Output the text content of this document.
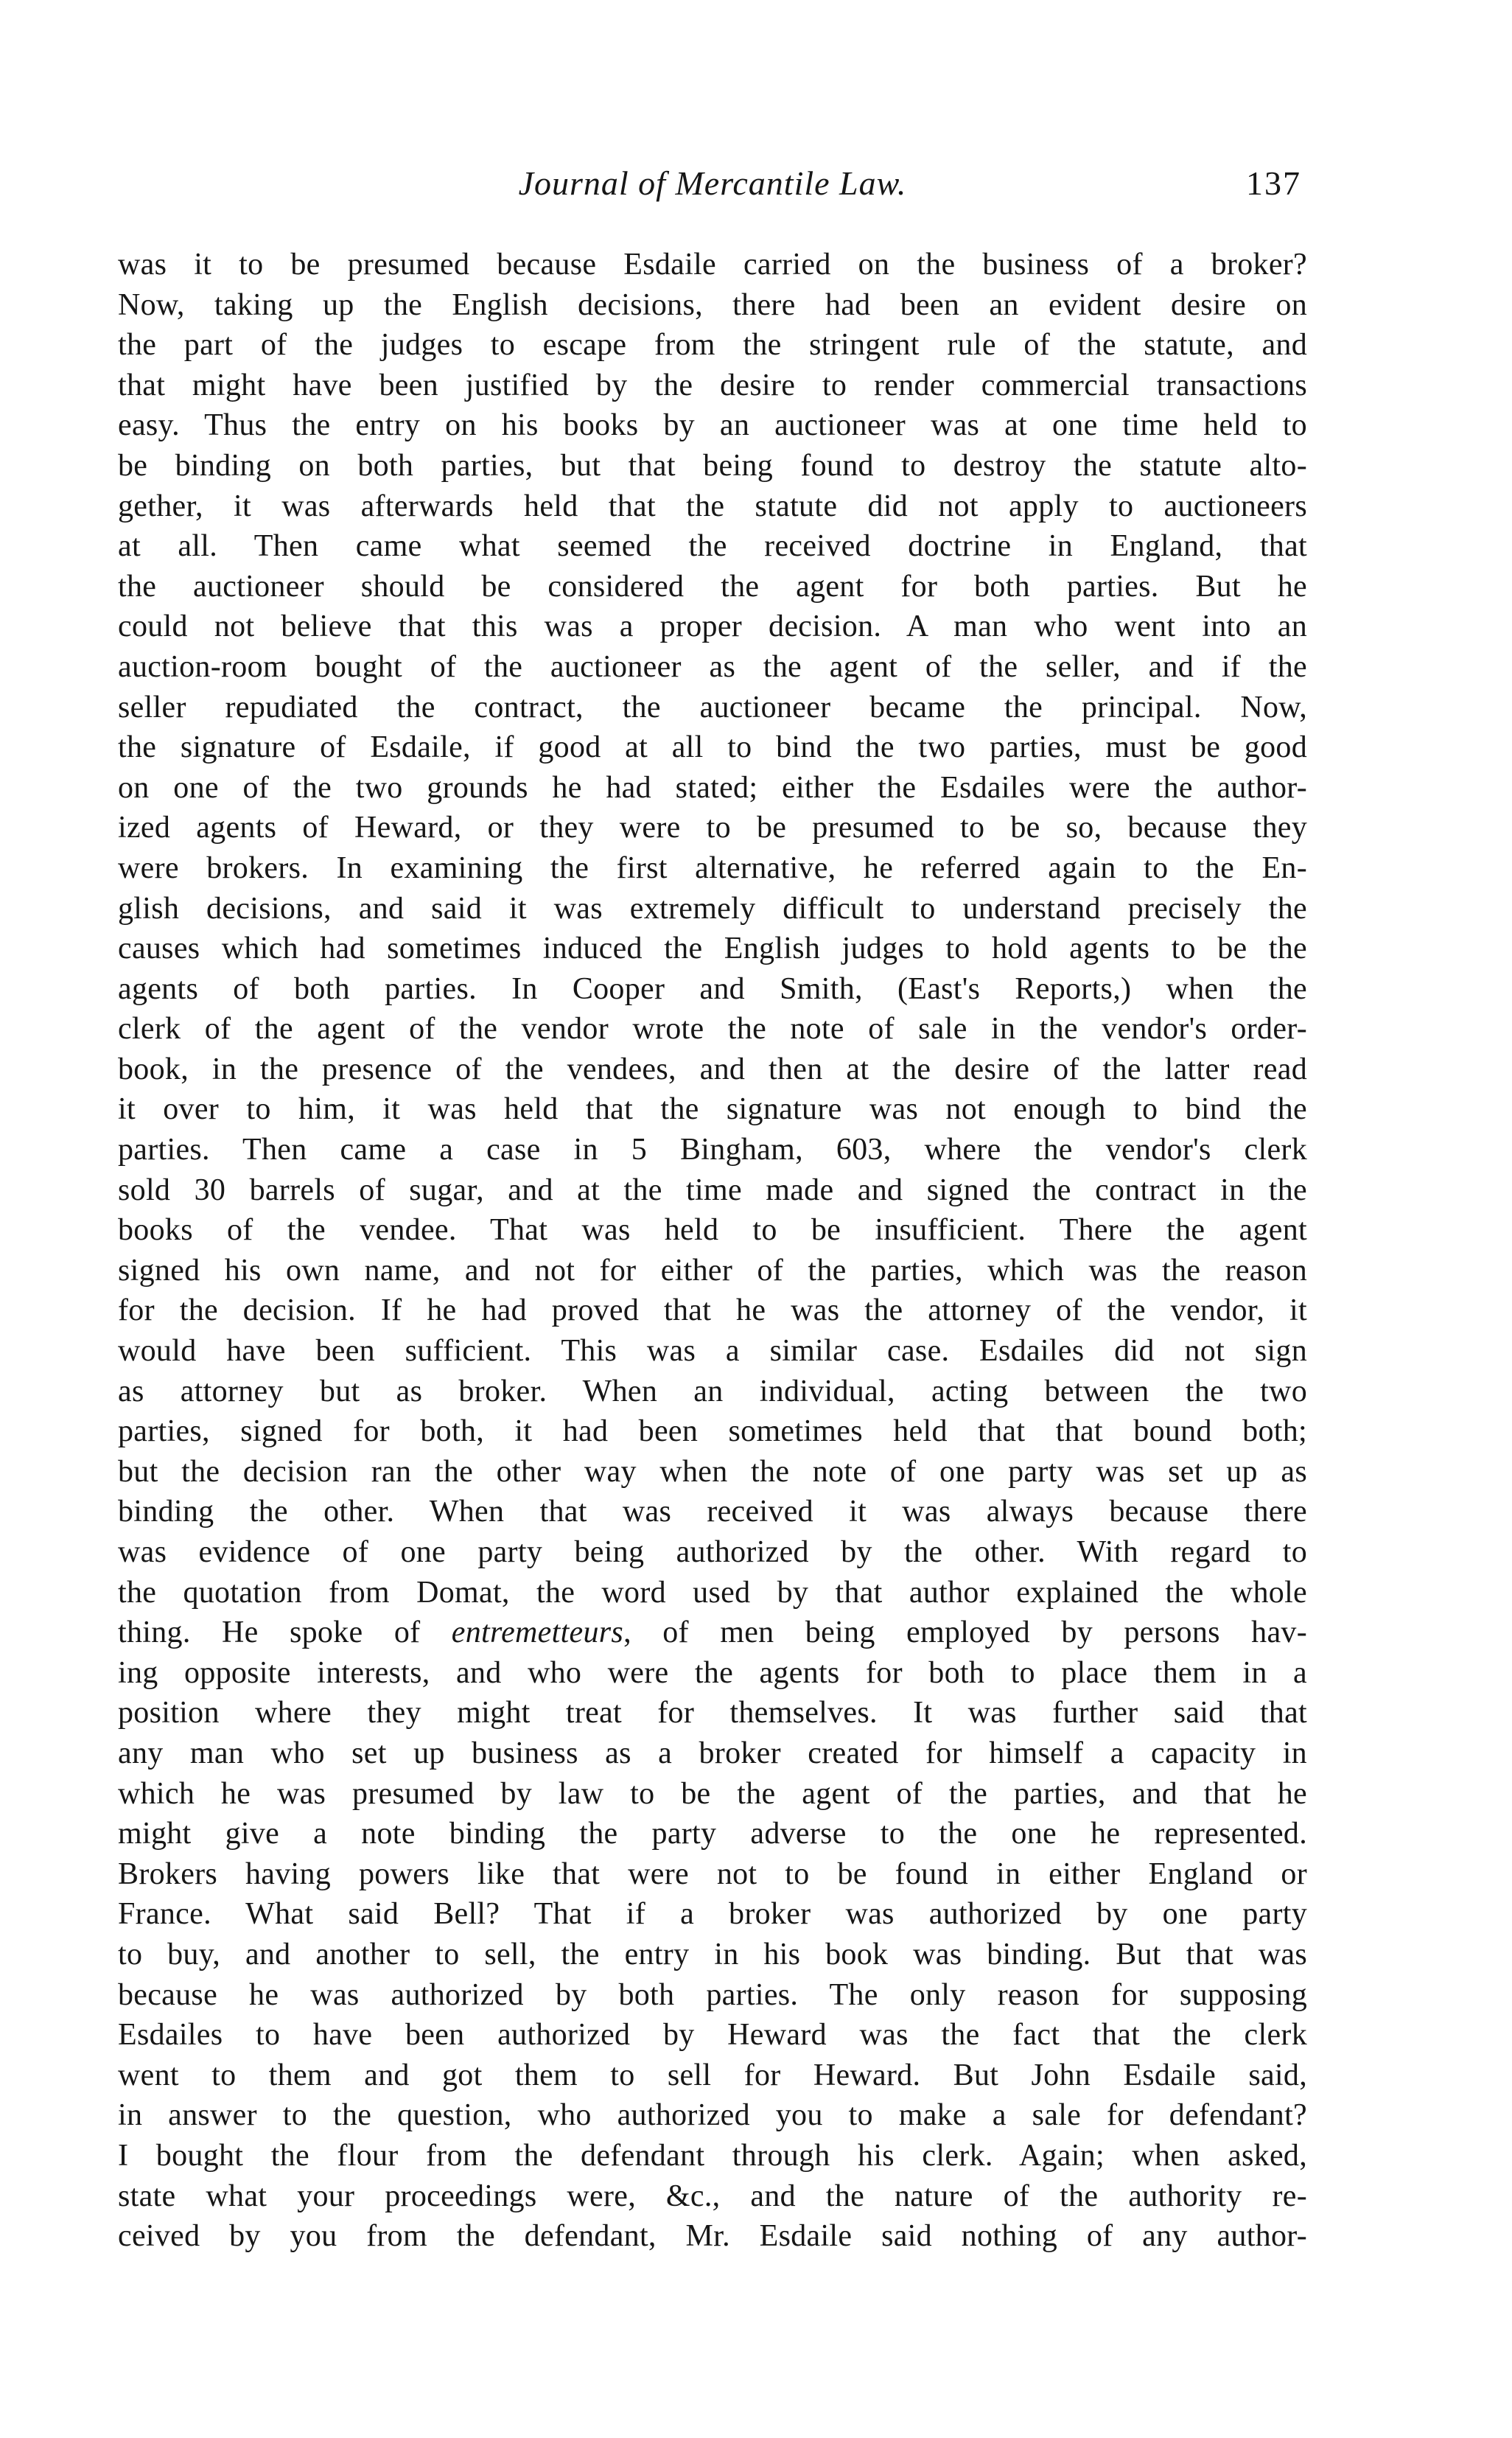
Journal of Mercantile Law.	137
was it to be presumed because Esdaile carried on the business of a broker?
Now, taking up the English decisions, there had been an evident desire on
the part of the judges to escape from the stringent rule of the statute, and
that might have been justified by the desire to render commercial transactions
easy. Thus the entry on his books by an auctioneer was at one time held to
be binding on both parties, but that being found to destroy the statute alto-
gether, it was afterwards held that the statute did not apply to auctioneers
at all. Then came what seemed the received doctrine in England, that
the auctioneer should be considered the agent for both parties. But he
could not believe that this was a proper decision. A man who went into an
auction-room bought of the auctioneer as the agent of the seller, and if the
seller repudiated the contract, the auctioneer became the principal. Now,
the signature of Esdaile, if good at all to bind the two parties, must be good
on one of the two grounds he had stated; either the Esdailes were the author-
ized agents of Heward, or they were to be presumed to be so, because they
were brokers. In examining the first alternative, he referred again to the En-
glish decisions, and said it was extremely difficult to understand precisely the
causes which had sometimes induced the English judges to hold agents to be the
agents of both parties. In Cooper and Smith, (East's Reports,) when the
clerk of the agent of the vendor wrote the note of sale in the vendor's order-
book, in the presence of the vendees, and then at the desire of the latter read
it over to him, it was held that the signature was not enough to bind the
parties. Then came a case in 5 Bingham, 603, where the vendor's clerk
sold 30 barrels of sugar, and at the time made and signed the contract in the
books of the vendee. That was held to be insufficient. There the agent
signed his own name, and not for either of the parties, which was the reason
for the decision. If he had proved that he was the attorney of the vendor, it
would have been sufficient. This was a similar case. Esdailes did not sign
as attorney but as broker. When an individual, acting between the two
parties, signed for both, it had been sometimes held that that bound both;
but the decision ran the other way when the note of one party was set up as
binding the other. When that was received it was always because there
was evidence of one party being authorized by the other. With regard to
the quotation from Domat, the word used by that author explained the whole
thing. He spoke of entremetteurs, of men being employed by persons hav-
ing opposite interests, and who were the agents for both to place them in a
position where they might treat for themselves. It was further said that
any man who set up business as a broker created for himself a capacity in
which he was presumed by law to be the agent of the parties, and that he
might give a note binding the party adverse to the one he represented.
Brokers having powers like that were not to be found in either England or
France. What said Bell? That if a broker was authorized by one party
to buy, and another to sell, the entry in his book was binding. But that was
because he was authorized by both parties. The only reason for supposing
Esdailes to have been authorized by Heward was the fact that the clerk
went to them and got them to sell for Heward. But John Esdaile said,
in answer to the question, who authorized you to make a sale for defendant?
I bought the flour from the defendant through his clerk. Again; when asked,
state what your proceedings were, &c., and the nature of the authority re-
ceived by you from the defendant, Mr. Esdaile said nothing of any author-
